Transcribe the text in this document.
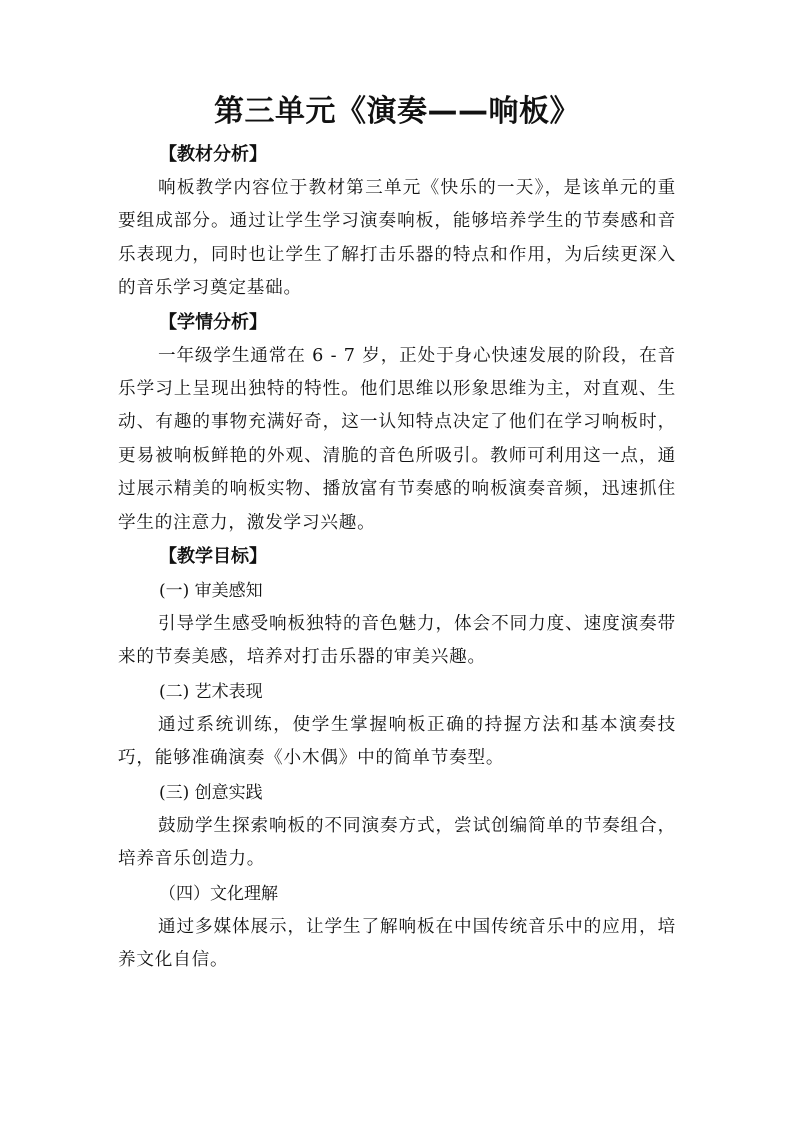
第三单元《演奏——响板》

【教材分析】

响板教学内容位于教材第三单元《快乐的一天》，是该单元的重要组成部分。通过让学生学习演奏响板，能够培养学生的节奏感和音乐表现力，同时也让学生了解打击乐器的特点和作用，为后续更深入的音乐学习奠定基础。

【学情分析】

一年级学生通常在 6 - 7 岁，正处于身心快速发展的阶段，在音乐学习上呈现出独特的特性。他们思维以形象思维为主，对直观、生动、有趣的事物充满好奇，这一认知特点决定了他们在学习响板时，更易被响板鲜艳的外观、清脆的音色所吸引。教师可利用这一点，通过展示精美的响板实物、播放富有节奏感的响板演奏音频，迅速抓住学生的注意力，激发学习兴趣。

【教学目标】

(一) 审美感知

引导学生感受响板独特的音色魅力，体会不同力度、速度演奏带来的节奏美感，培养对打击乐器的审美兴趣。

(二) 艺术表现

通过系统训练，使学生掌握响板正确的持握方法和基本演奏技巧，能够准确演奏《小木偶》中的简单节奏型。

(三) 创意实践

鼓励学生探索响板的不同演奏方式，尝试创编简单的节奏组合，培养音乐创造力。

（四）文化理解

通过多媒体展示，让学生了解响板在中国传统音乐中的应用，培养文化自信。
